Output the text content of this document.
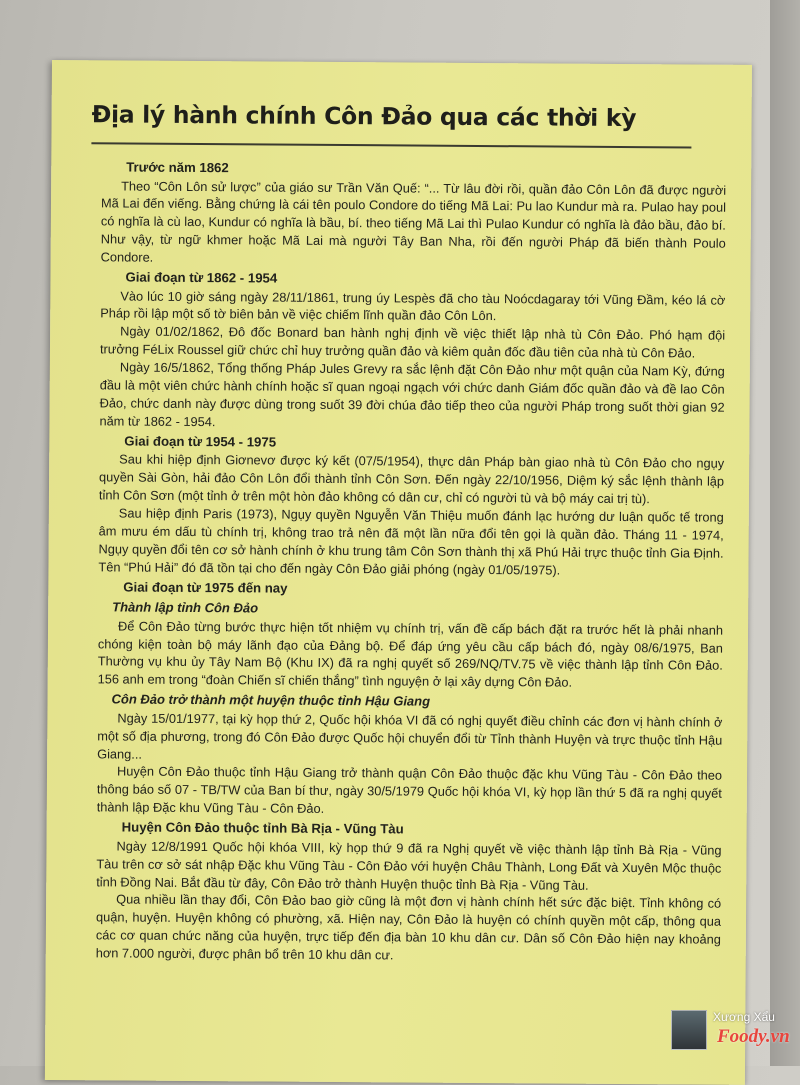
Địa lý hành chính Côn Đảo qua các thời kỳ
Trước năm 1862

Theo “Côn Lôn sử lược” của giáo sư Trần Văn Quế: “... Từ lâu đời rồi, quần đảo Côn Lôn đã được người Mã Lai đến viếng. Bằng chứng là cái tên poulo Condore do tiếng Mã Lai: Pu lao Kundur mà ra. Pulao hay poul có nghĩa là cù lao, Kundur có nghĩa là bầu, bí. theo tiếng Mã Lai thì Pulao Kundur có nghĩa là đảo bầu, đảo bí. Như vậy, từ ngữ khmer hoặc Mã Lai mà người Tây Ban Nha, rồi đến người Pháp đã biến thành Poulo Condore.

Giai đoạn từ 1862 - 1954

Vào lúc 10 giờ sáng ngày 28/11/1861, trung úy Lespès đã cho tàu Noócdagaray tới Vũng Đầm, kéo lá cờ Pháp rồi lập một số tờ biên bản về việc chiếm lĩnh quần đảo Côn Lôn.

Ngày 01/02/1862, Đô đốc Bonard ban hành nghị định về việc thiết lập nhà tù Côn Đảo. Phó hạm đội trưởng FéLix Roussel giữ chức chỉ huy trưởng quần đảo và kiêm quản đốc đầu tiên của nhà tù Côn Đảo.

Ngày 16/5/1862, Tổng thống Pháp Jules Grevy ra sắc lệnh đặt Côn Đảo như một quận của Nam Kỳ, đứng đầu là một viên chức hành chính hoặc sĩ quan ngoại ngạch với chức danh Giám đốc quần đảo và đề lao Côn Đảo, chức danh này được dùng trong suốt 39 đời chúa đảo tiếp theo của người Pháp trong suốt thời gian 92 năm từ 1862 - 1954.

Giai đoạn từ 1954 - 1975

Sau khi hiệp định Giơnevơ được ký kết (07/5/1954), thực dân Pháp bàn giao nhà tù Côn Đảo cho ngụy quyền Sài Gòn, hải đảo Côn Lôn đổi thành tỉnh Côn Sơn. Đến ngày 22/10/1956, Diệm ký sắc lệnh thành lập tỉnh Côn Sơn (một tỉnh ở trên một hòn đảo không có dân cư, chỉ có người tù và bộ máy cai trị tù).

Sau hiệp định Paris (1973), Ngụy quyền Nguyễn Văn Thiệu muốn đánh lạc hướng dư luận quốc tế trong âm mưu ém dấu tù chính trị, không trao trả nên đã một lần nữa đổi tên gọi là quần đảo. Tháng 11 - 1974, Ngụy quyền đổi tên cơ sở hành chính ở khu trung tâm Côn Sơn thành thị xã Phú Hải trực thuộc tỉnh Gia Định. Tên “Phú Hải” đó đã tồn tại cho đến ngày Côn Đảo giải phóng (ngày 01/05/1975).

Giai đoạn từ 1975 đến nay
Thành lập tỉnh Côn Đảo

Để Côn Đảo từng bước thực hiện tốt nhiệm vụ chính trị, vấn đề cấp bách đặt ra trước hết là phải nhanh chóng kiện toàn bộ máy lãnh đạo của Đảng bộ. Để đáp ứng yêu cầu cấp bách đó, ngày 08/6/1975, Ban Thường vụ khu ủy Tây Nam Bộ (Khu IX) đã ra nghị quyết số 269/NQ/TV.75 về việc thành lập tỉnh Côn Đảo. 156 anh em trong “đoàn Chiến sĩ chiến thắng” tình nguyện ở lại xây dựng Côn Đảo.

Côn Đảo trở thành một huyện thuộc tỉnh Hậu Giang

Ngày 15/01/1977, tại kỳ họp thứ 2, Quốc hội khóa VI đã có nghị quyết điều chỉnh các đơn vị hành chính ở một số địa phương, trong đó Côn Đảo được Quốc hội chuyển đổi từ Tỉnh thành Huyện và trực thuộc tỉnh Hậu Giang...

Huyện Côn Đảo thuộc tỉnh Hậu Giang trở thành quận Côn Đảo thuộc đặc khu Vũng Tàu - Côn Đảo theo thông báo số 07 - TB/TW của Ban bí thư, ngày 30/5/1979 Quốc hội khóa VI, kỳ họp lần thứ 5 đã ra nghị quyết thành lập Đặc khu Vũng Tàu - Côn Đảo.

Huyện Côn Đảo thuộc tỉnh Bà Rịa - Vũng Tàu

Ngày 12/8/1991 Quốc hội khóa VIII, kỳ họp thứ 9 đã ra Nghị quyết về việc thành lập tỉnh Bà Rịa - Vũng Tàu trên cơ sở sát nhập Đặc khu Vũng Tàu - Côn Đảo với huyện Châu Thành, Long Đất và Xuyên Mộc thuộc tỉnh Đồng Nai. Bắt đầu từ đây, Côn Đảo trở thành Huyện thuộc tỉnh Bà Rịa - Vũng Tàu.

Qua nhiều lần thay đổi, Côn Đảo bao giờ cũng là một đơn vị hành chính hết sức đặc biệt. Tỉnh không có quận, huyện. Huyện không có phường, xã. Hiện nay, Côn Đảo là huyện có chính quyền một cấp, thông qua các cơ quan chức năng của huyện, trực tiếp đến địa bàn 10 khu dân cư. Dân số Côn Đảo hiện nay khoảng hơn 7.000 người, được phân bổ trên 10 khu dân cư.

Xương Xẩu
Foody.vn
